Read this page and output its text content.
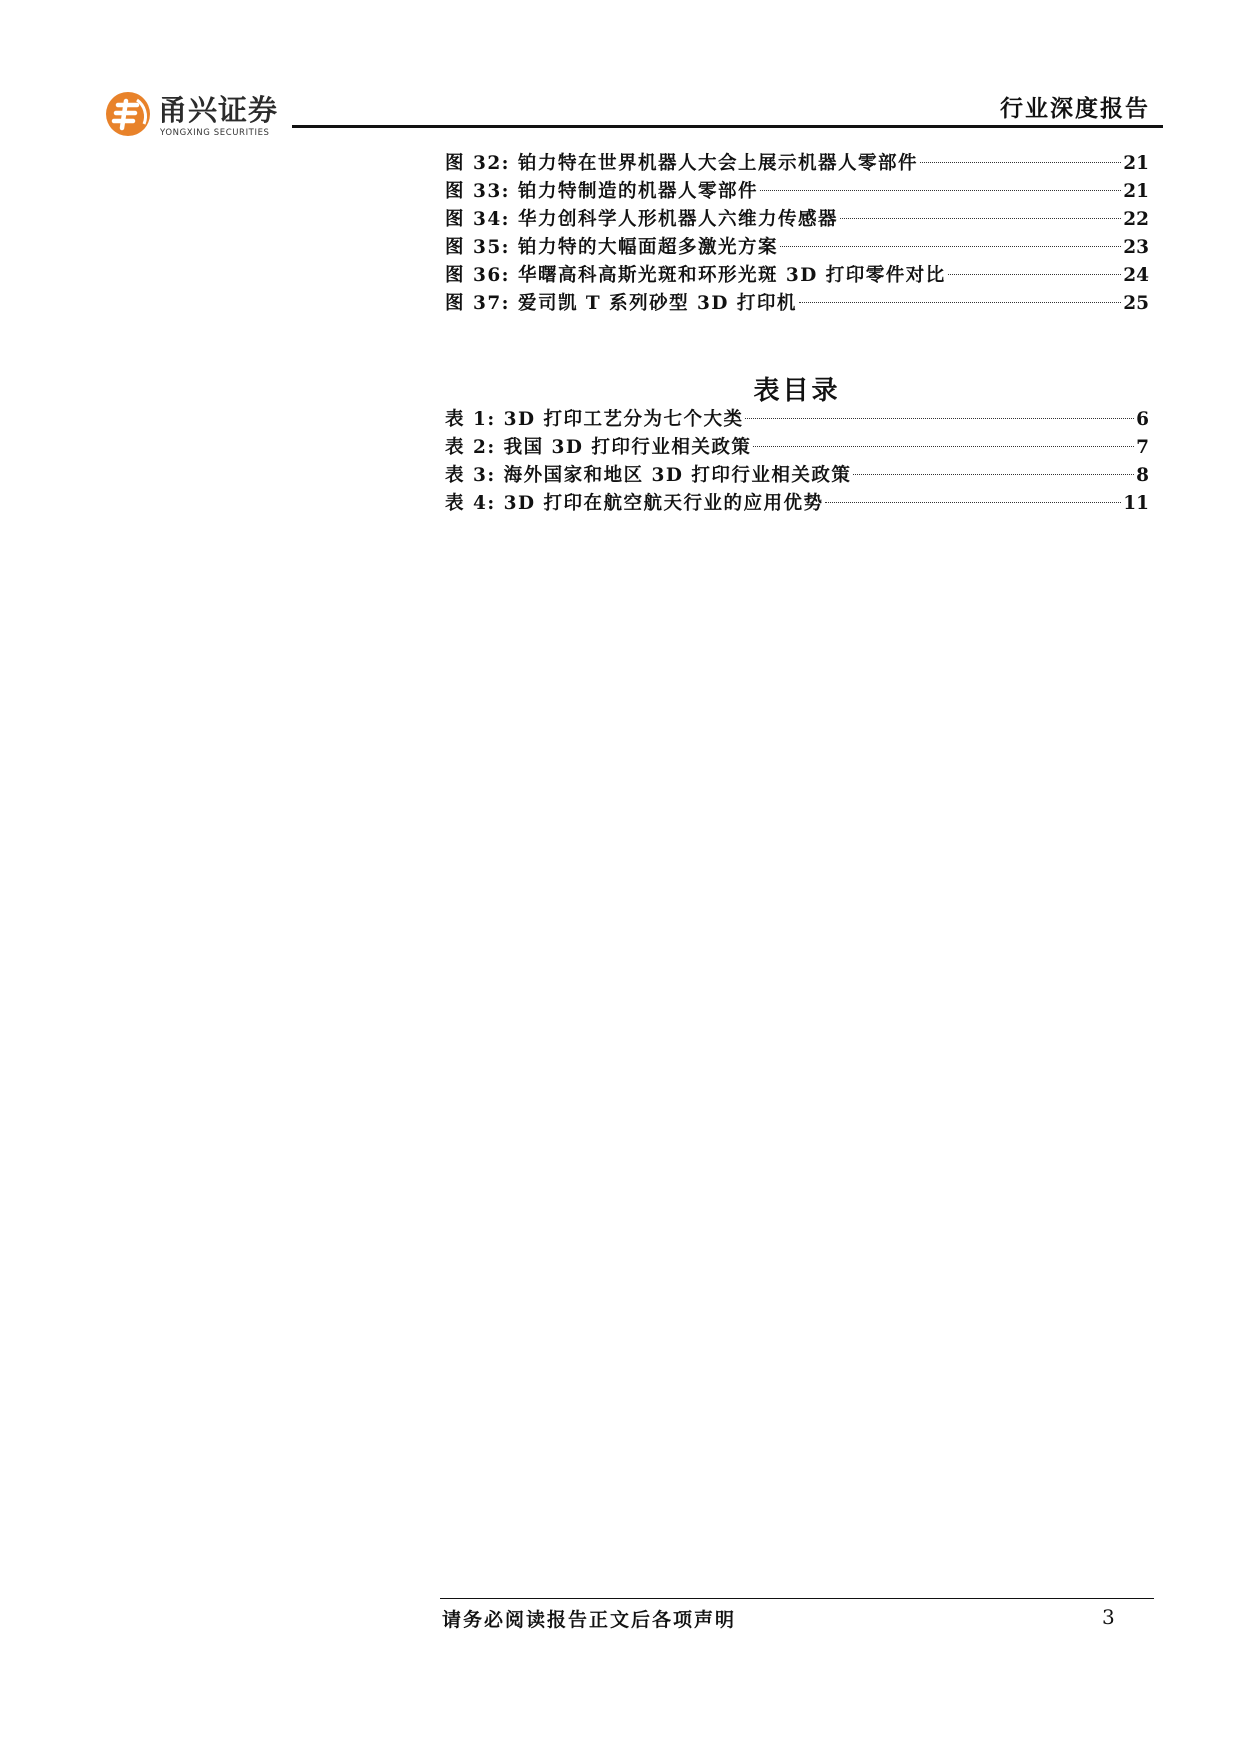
甬兴证券
YONGXING SECURITIES
行业深度报告
图 32: 铂力特在世界机器人大会上展示机器人零部件	21
图 33: 铂力特制造的机器人零部件	21
图 34: 华力创科学人形机器人六维力传感器	22
图 35: 铂力特的大幅面超多激光方案	23
图 36: 华曙高科高斯光斑和环形光斑 3D 打印零件对比	24
图 37: 爱司凯 T 系列砂型 3D 打印机	25
表目录
表 1: 3D 打印工艺分为七个大类	6
表 2: 我国 3D 打印行业相关政策	7
表 3: 海外国家和地区 3D 打印行业相关政策	8
表 4: 3D 打印在航空航天行业的应用优势	11
请务必阅读报告正文后各项声明	3
